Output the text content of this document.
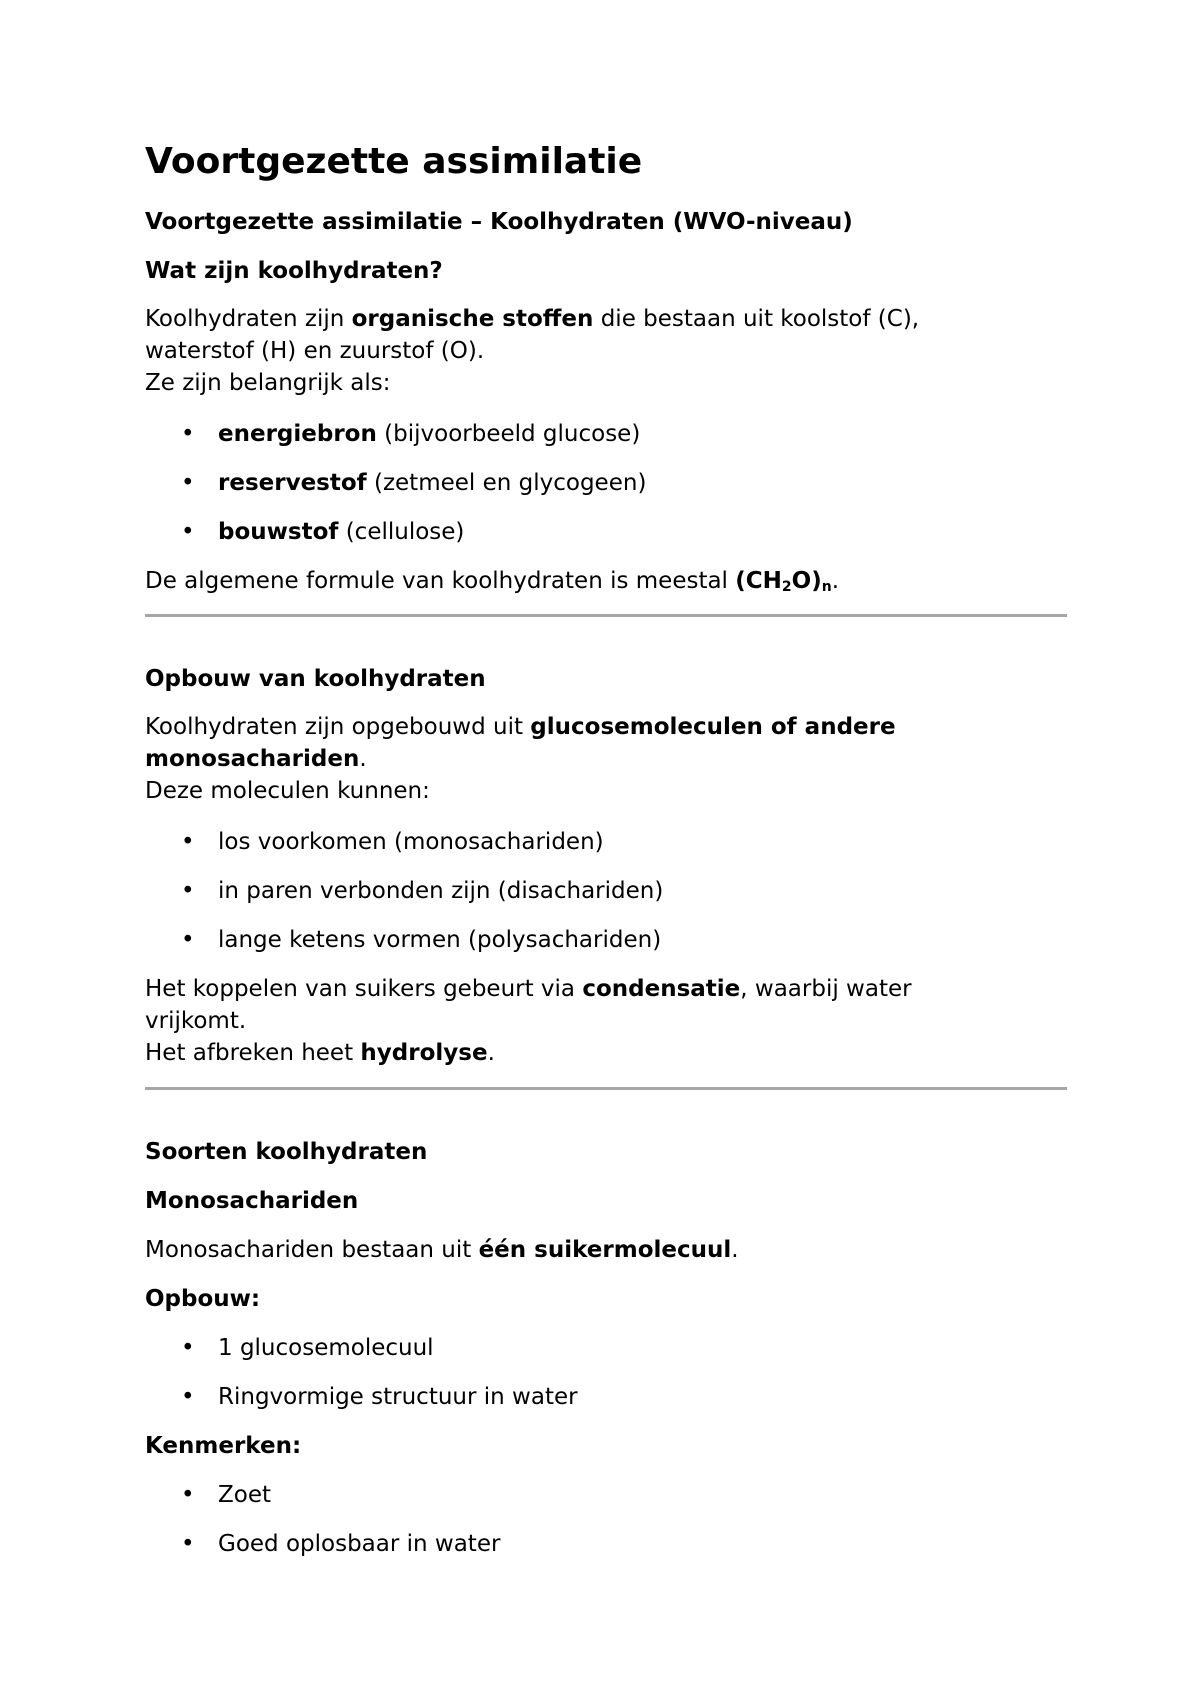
Voortgezette assimilatie

Voortgezette assimilatie – Koolhydraten (WVO-niveau)

Wat zijn koolhydraten?

Koolhydraten zijn organische stoffen die bestaan uit koolstof (C),
waterstof (H) en zuurstof (O).
Ze zijn belangrijk als:

• energiebron (bijvoorbeeld glucose)
• reservestof (zetmeel en glycogeen)
• bouwstof (cellulose)

De algemene formule van koolhydraten is meestal $(CH_2O)_n$.

Opbouw van koolhydraten

Koolhydraten zijn opgebouwd uit glucosemoleculen of andere
monosachariden.
Deze moleculen kunnen:

• los voorkomen (monosachariden)
• in paren verbonden zijn (disachariden)
• lange ketens vormen (polysachariden)

Het koppelen van suikers gebeurt via condensatie, waarbij water
vrijkomt.
Het afbreken heet hydrolyse.

Soorten koolhydraten

Monosachariden

Monosachariden bestaan uit één suikermolecuul.

Opbouw:

• 1 glucosemolecuul
• Ringvormige structuur in water

Kenmerken:

• Zoet
• Goed oplosbaar in water
